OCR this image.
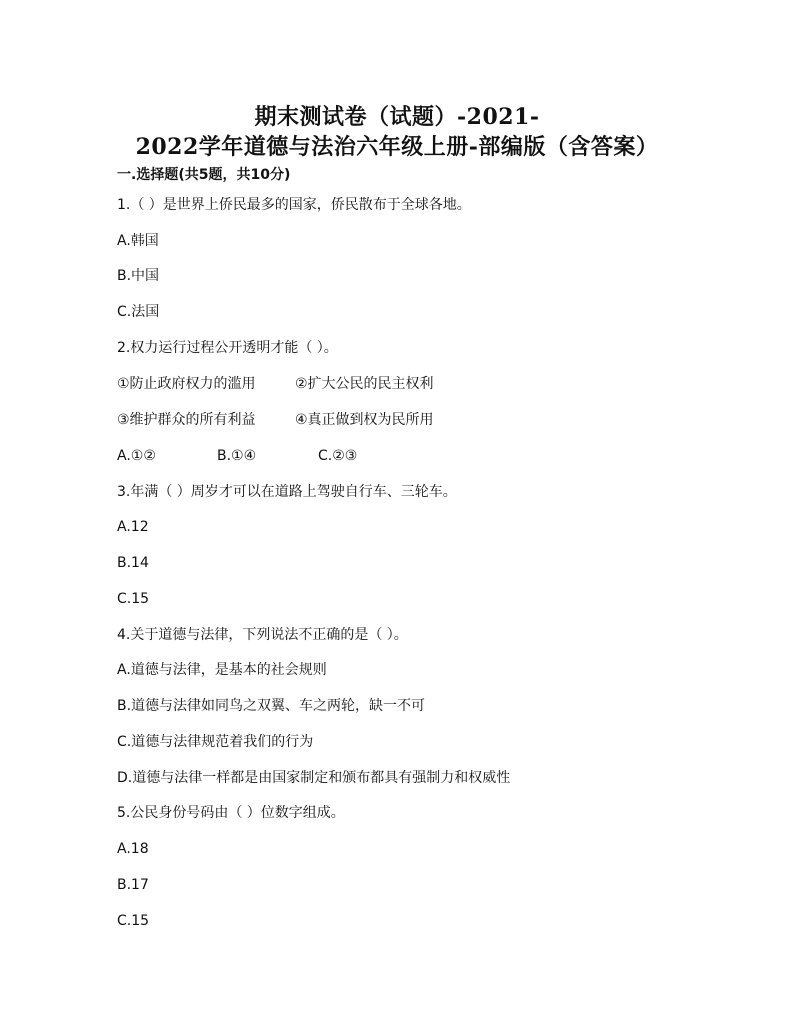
期末测试卷（试题）-2021-
2022学年道德与法治六年级上册-部编版（含答案）
一.选择题(共5题，共10分)
1.（ ）是世界上侨民最多的国家，侨民散布于全球各地。
A.韩国
B.中国
C.法国
2.权力运行过程公开透明才能（ ）。
①防止政府权力的滥用	②扩大公民的民主权利
③维护群众的所有利益	④真正做到权为民所用
A.①②	B.①④	C.②③
3.年满（ ）周岁才可以在道路上驾驶自行车、三轮车。
A.12
B.14
C.15
4.关于道德与法律，下列说法不正确的是（ ）。
A.道德与法律，是基本的社会规则
B.道德与法律如同鸟之双翼、车之两轮，缺一不可
C.道德与法律规范着我们的行为
D.道德与法律一样都是由国家制定和颁布都具有强制力和权威性
5.公民身份号码由（ ）位数字组成。
A.18
B.17
C.15
